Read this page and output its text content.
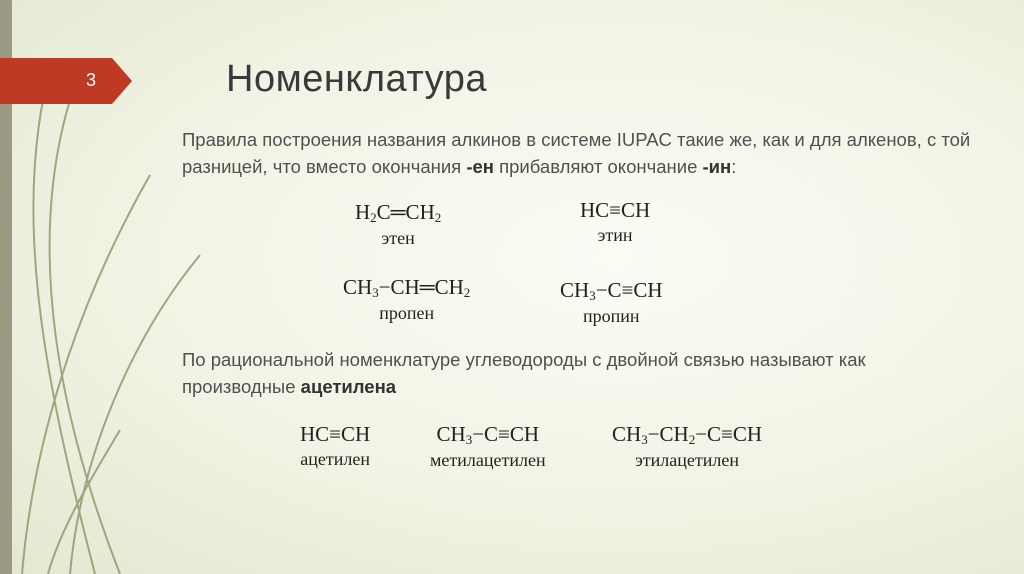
3	Номенклатура
Правила построения названия алкинов в системе IUPAC такие же, как и для алкенов, с той разницей, что вместо окончания -ен прибавляют окончание -ин:
$H_2C═CH_2$
этен
HC≡CH
этин
$CH_3-CH═CH_2$
пропен
$CH_3-C\equiv CH$
пропин
По рациональной номенклатуре углеводороды с двойной связью называют как производные ацетилена
HC≡CH
ацетилен
$CH_3-C\equiv CH$
метилацетилен
$CH_3-CH_2-C\equiv CH$
этилацетилен
